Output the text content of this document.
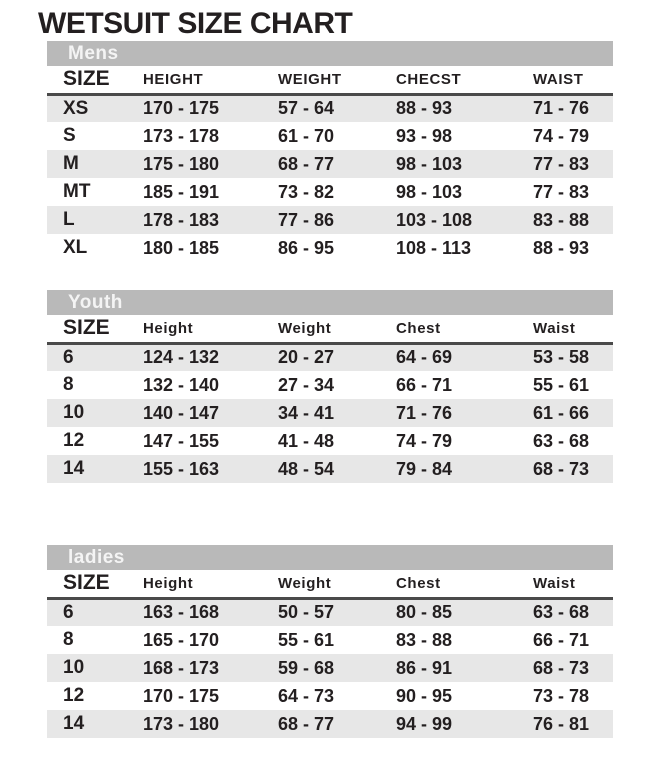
WETSUIT SIZE CHART
Mens
SIZE	HEIGHT	WEIGHT	CHECST	WAIST
XS	170 - 175	57 - 64	88 - 93	71 - 76
S	173 - 178	61 - 70	93 - 98	74 - 79
M	175 - 180	68 - 77	98 - 103	77 - 83
MT	185 - 191	73 - 82	98 - 103	77 - 83
L	178 - 183	77 - 86	103 - 108	83 - 88
XL	180 - 185	86 - 95	108 - 113	88 - 93
Youth
SIZE	Height	Weight	Chest	Waist
6	124 - 132	20 - 27	64 - 69	53 - 58
8	132 - 140	27 - 34	66 - 71	55 - 61
10	140 - 147	34 - 41	71 - 76	61 - 66
12	147 - 155	41 - 48	74 - 79	63 - 68
14	155 - 163	48 - 54	79 - 84	68 - 73
ladies
SIZE	Height	Weight	Chest	Waist
6	163 - 168	50 - 57	80 - 85	63 - 68
8	165 - 170	55 - 61	83 - 88	66 - 71
10	168 - 173	59 - 68	86 - 91	68 - 73
12	170 - 175	64 - 73	90 - 95	73 - 78
14	173 - 180	68 - 77	94 - 99	76 - 81
